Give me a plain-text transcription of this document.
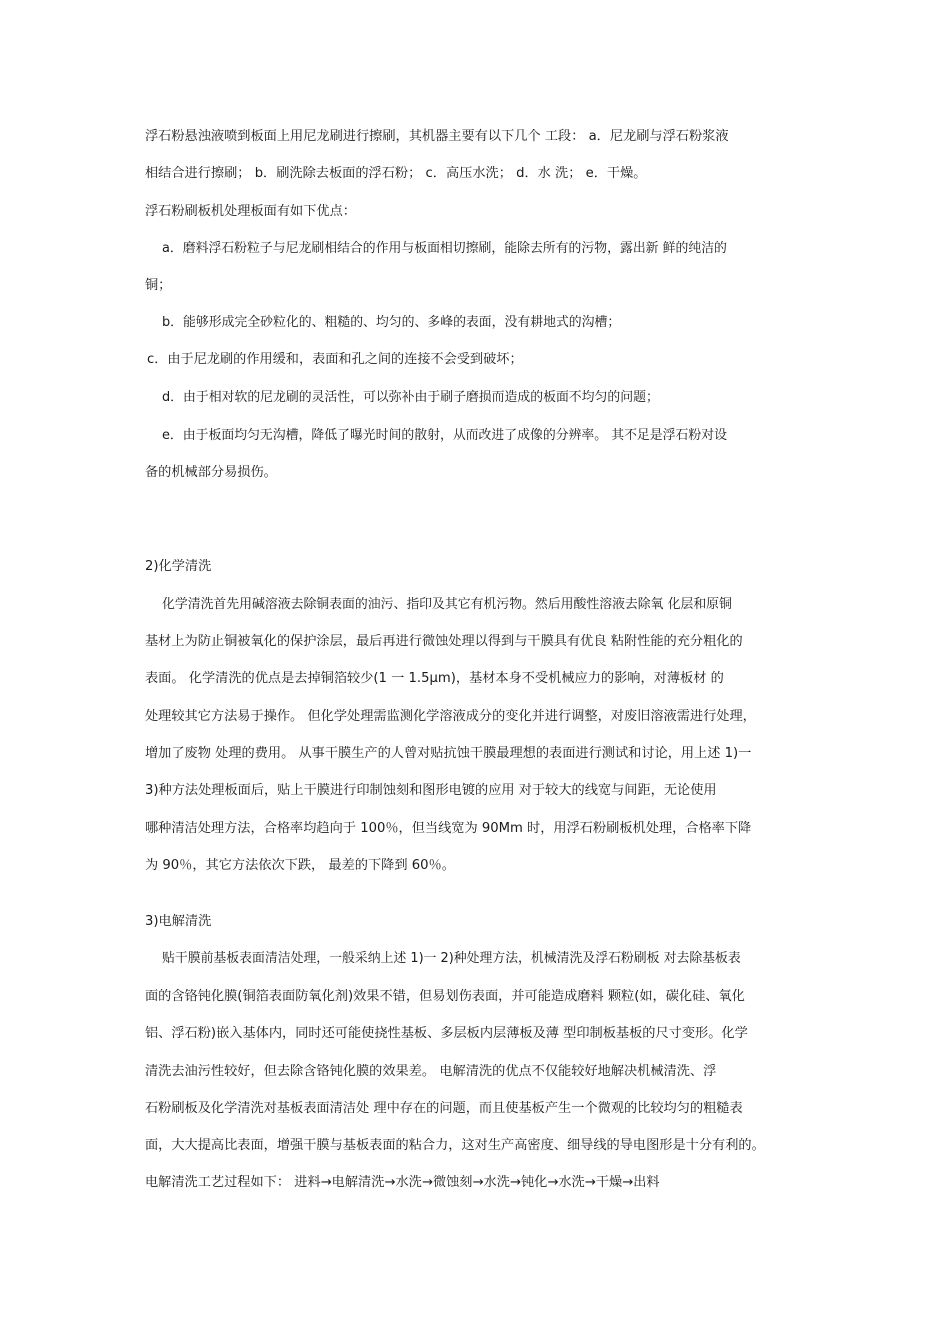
浮石粉悬浊液喷到板面上用尼龙刷进行擦刷，其机器主要有以下几个 工段： a．尼龙刷与浮石粉浆液
相结合进行擦刷； b．刷洗除去板面的浮石粉； c．高压水洗； d．水 洗； e．干燥。
浮石粉刷板机处理板面有如下优点：
a．磨料浮石粉粒子与尼龙刷相结合的作用与板面相切擦刷，能除去所有的污物，露出新 鲜的纯洁的
铜；
b．能够形成完全砂粒化的、粗糙的、均匀的、多峰的表面，没有耕地式的沟槽；
c．由于尼龙刷的作用缓和，表面和孔之间的连接不会受到破坏；
d．由于相对软的尼龙刷的灵活性，可以弥补由于刷子磨损而造成的板面不均匀的问题；
e．由于板面均匀无沟槽，降低了曝光时间的散射，从而改进了成像的分辨率。 其不足是浮石粉对设
备的机械部分易损伤。
2)化学清洗
化学清洗首先用碱溶液去除铜表面的油污、指印及其它有机污物。然后用酸性溶液去除氧 化层和原铜
基材上为防止铜被氧化的保护涂层，最后再进行微蚀处理以得到与干膜具有优良 粘附性能的充分粗化的
表面。 化学清洗的优点是去掉铜箔较少(1 一 1.5μm)，基材本身不受机械应力的影响，对薄板材 的
处理较其它方法易于操作。 但化学处理需监测化学溶液成分的变化并进行调整，对废旧溶液需进行处理，
增加了废物 处理的费用。 从事干膜生产的人曾对贴抗蚀干膜最理想的表面进行测试和讨论，用上述 1)一
3)种方法处理板面后，贴上干膜进行印制蚀刻和图形电镀的应用 对于较大的线宽与间距，无论使用
哪种清洁处理方法，合格率均趋向于 100％，但当线宽为 90Mm 时，用浮石粉刷板机处理，合格率下降
为 90％，其它方法依次下跌， 最差的下降到 60％。
3)电解清洗
贴干膜前基板表面清洁处理，一般采纳上述 1)一 2)种处理方法，机械清洗及浮石粉刷板 对去除基板表
面的含铬钝化膜(铜箔表面防氧化剂)效果不错，但易划伤表面，并可能造成磨料 颗粒(如，碳化硅、氧化
铝、浮石粉)嵌入基体内，同时还可能使挠性基板、多层板内层薄板及薄 型印制板基板的尺寸变形。化学
清洗去油污性较好，但去除含铬钝化膜的效果差。 电解清洗的优点不仅能较好地解决机械清洗、浮
石粉刷板及化学清洗对基板表面清洁处 理中存在的问题，而且使基板产生一个微观的比较均匀的粗糙表
面，大大提高比表面，增强干膜与基板表面的粘合力，这对生产高密度、细导线的导电图形是十分有利的。
电解清洗工艺过程如下： 进料→电解清洗→水洗→微蚀刻→水洗→钝化→水洗→干燥→出料
